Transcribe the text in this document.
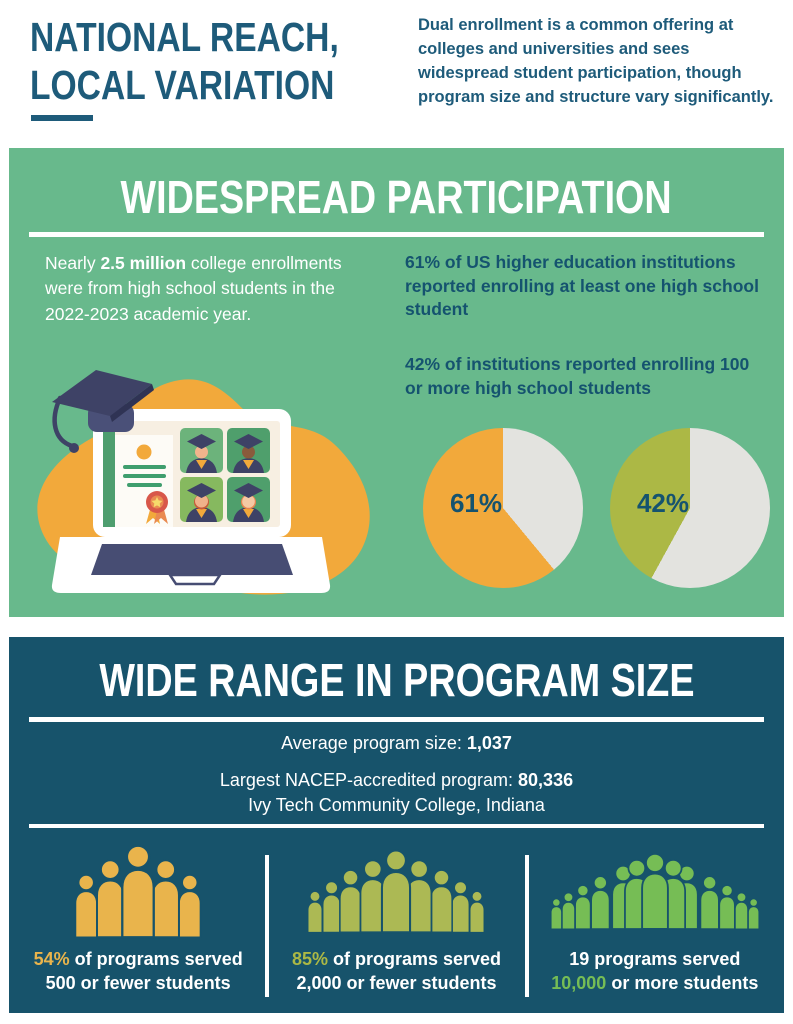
NATIONAL REACH,
LOCAL VARIATION
Dual enrollment is a common offering at colleges and universities and sees widespread student participation, though program size and structure vary significantly.
WIDESPREAD PARTICIPATION
Nearly 2.5 million college enrollments were from high school students in the 2022-2023 academic year.
61% of US higher education institutions reported enrolling at least one high school student
42% of institutions reported enrolling 100 or more high school students
61%	42%
WIDE RANGE IN PROGRAM SIZE
Average program size: 1,037
Largest NACEP-accredited program: 80,336
Ivy Tech Community College, Indiana
54% of programs served
500 or fewer students
85% of programs served
2,000 or fewer students
19 programs served
10,000 or more students
